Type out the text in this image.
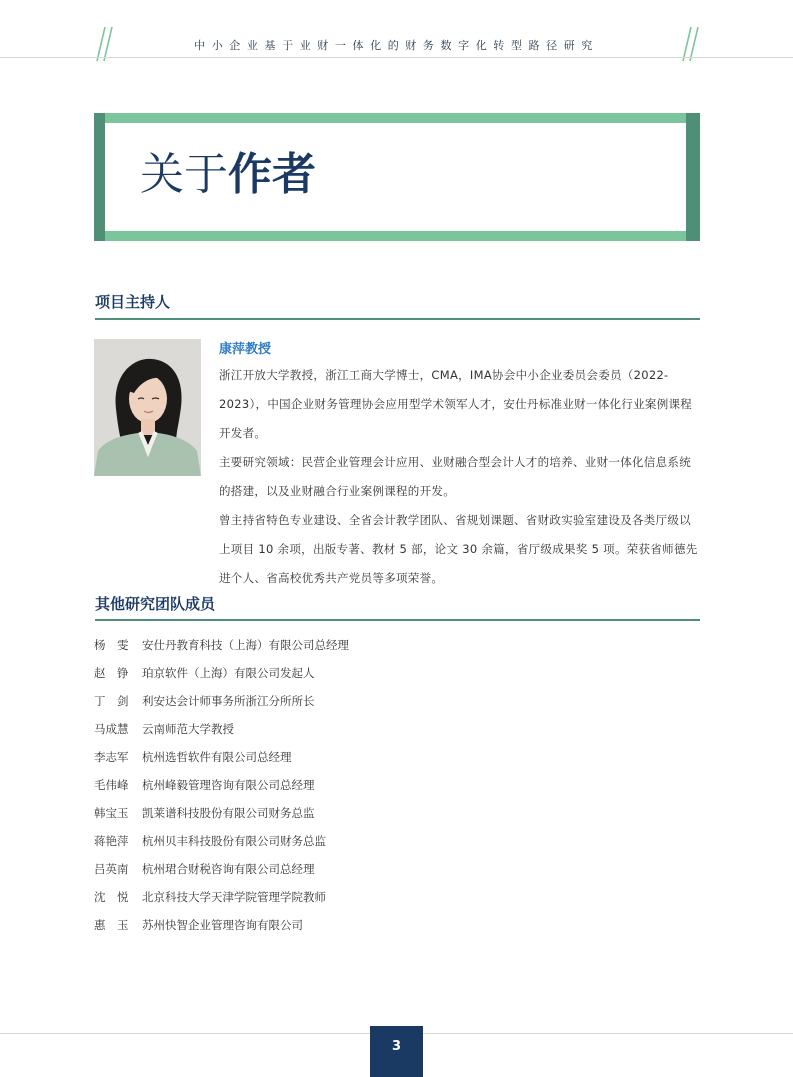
中小企业基于业财一体化的财务数字化转型路径研究
关于作者
项目主持人
康萍教授

浙江开放大学教授，浙江工商大学博士，CMA，IMA协会中小企业委员会委员（2022-2023），中国企业财务管理协会应用型学术领军人才，安仕丹标准业财一体化行业案例课程开发者。

主要研究领域：民营企业管理会计应用、业财融合型会计人才的培养、业财一体化信息系统的搭建，以及业财融合行业案例课程的开发。

曾主持省特色专业建设、全省会计教学团队、省规划课题、省财政实验室建设及各类厅级以上项目 10 余项，出版专著、教材 5 部，论文 30 余篇，省厅级成果奖 5 项。荣获省师德先进个人、省高校优秀共产党员等多项荣誉。

其他研究团队成员
杨　雯 安仕丹教育科技（上海）有限公司总经理
赵　铮 珀京软件（上海）有限公司发起人
丁　剑 利安达会计师事务所浙江分所所长
马成慧 云南师范大学教授
李志军 杭州选哲软件有限公司总经理
毛伟峰 杭州峰毅管理咨询有限公司总经理
韩宝玉 凯莱谱科技股份有限公司财务总监
蒋艳萍 杭州贝丰科技股份有限公司财务总监
吕英南 杭州珺合财税咨询有限公司总经理
沈　悦 北京科技大学天津学院管理学院教师
惠　玉 苏州快智企业管理咨询有限公司
3
